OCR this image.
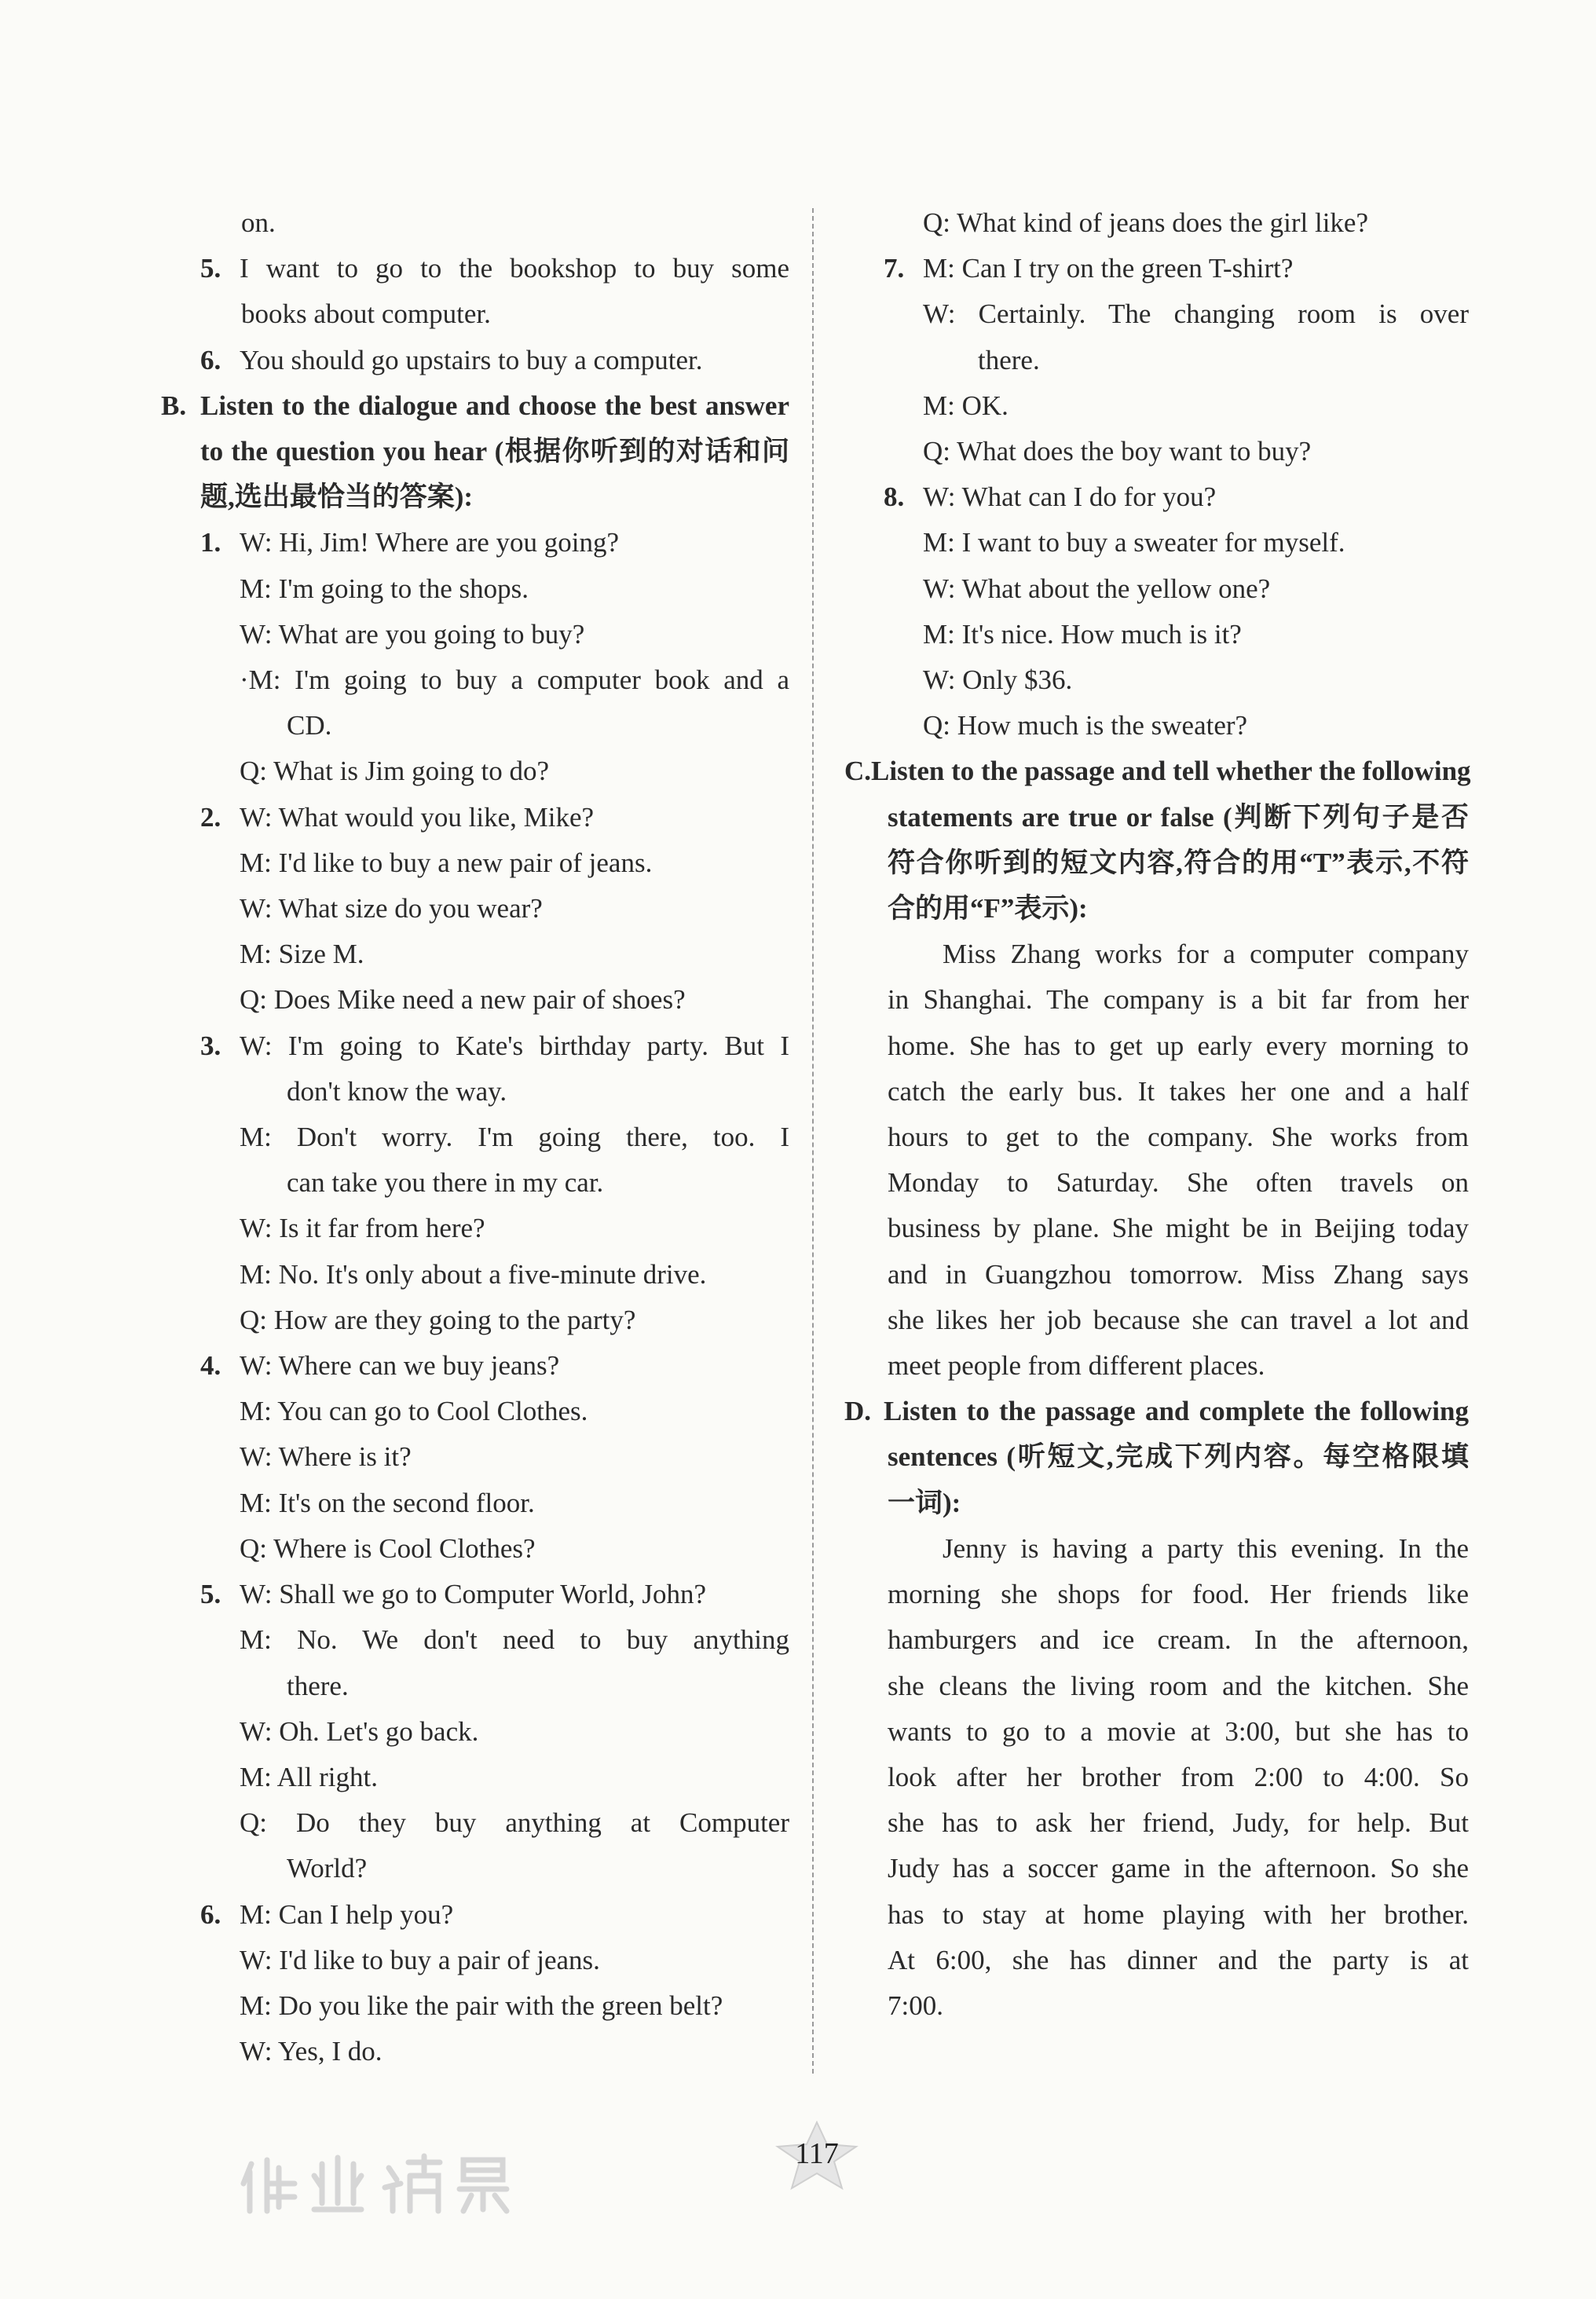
on.
5. I want to go to the bookshop to buy some
books about computer.
6. You should go upstairs to buy a computer.
B. Listen to the dialogue and choose the best answer
to the question you hear (根据你听到的对话和问
题,选出最恰当的答案):
1. W: Hi, Jim! Where are you going?
M: I'm going to the shops.
W: What are you going to buy?
·M: I'm going to buy a computer book and a
CD.
Q: What is Jim going to do?
2. W: What would you like, Mike?
M: I'd like to buy a new pair of jeans.
W: What size do you wear?
M: Size M.
Q: Does Mike need a new pair of shoes?
3. W: I'm going to Kate's birthday party. But I
don't know the way.
M: Don't worry. I'm going there, too. I
can take you there in my car.
W: Is it far from here?
M: No. It's only about a five-minute drive.
Q: How are they going to the party?
4. W: Where can we buy jeans?
M: You can go to Cool Clothes.
W: Where is it?
M: It's on the second floor.
Q: Where is Cool Clothes?
5. W: Shall we go to Computer World, John?
M: No. We don't need to buy anything
there.
W: Oh. Let's go back.
M: All right.
Q: Do they buy anything at Computer
World?
6. M: Can I help you?
W: I'd like to buy a pair of jeans.
M: Do you like the pair with the green belt?
W: Yes, I do.
Q: What kind of jeans does the girl like?
7. M: Can I try on the green T-shirt?
W: Certainly. The changing room is over
there.
M: OK.
Q: What does the boy want to buy?
8. W: What can I do for you?
M: I want to buy a sweater for myself.
W: What about the yellow one?
M: It's nice. How much is it?
W: Only $36.
Q: How much is the sweater?
C. Listen to the passage and tell whether the following
statements are true or false (判断下列句子是否
符合你听到的短文内容,符合的用“T”表示,不符
合的用“F”表示):
Miss Zhang works for a computer company
in Shanghai. The company is a bit far from her
home. She has to get up early every morning to
catch the early bus. It takes her one and a half
hours to get to the company. She works from
Monday to Saturday. She often travels on
business by plane. She might be in Beijing today
and in Guangzhou tomorrow. Miss Zhang says
she likes her job because she can travel a lot and
meet people from different places.
D. Listen to the passage and complete the following
sentences (听短文,完成下列内容。每空格限填
一词):
Jenny is having a party this evening. In the
morning she shops for food. Her friends like
hamburgers and ice cream. In the afternoon,
she cleans the living room and the kitchen. She
wants to go to a movie at 3:00, but she has to
look after her brother from 2:00 to 4:00. So
she has to ask her friend, Judy, for help. But
Judy has a soccer game in the afternoon. So she
has to stay at home playing with her brother.
At 6:00, she has dinner and the party is at
7:00.
117
